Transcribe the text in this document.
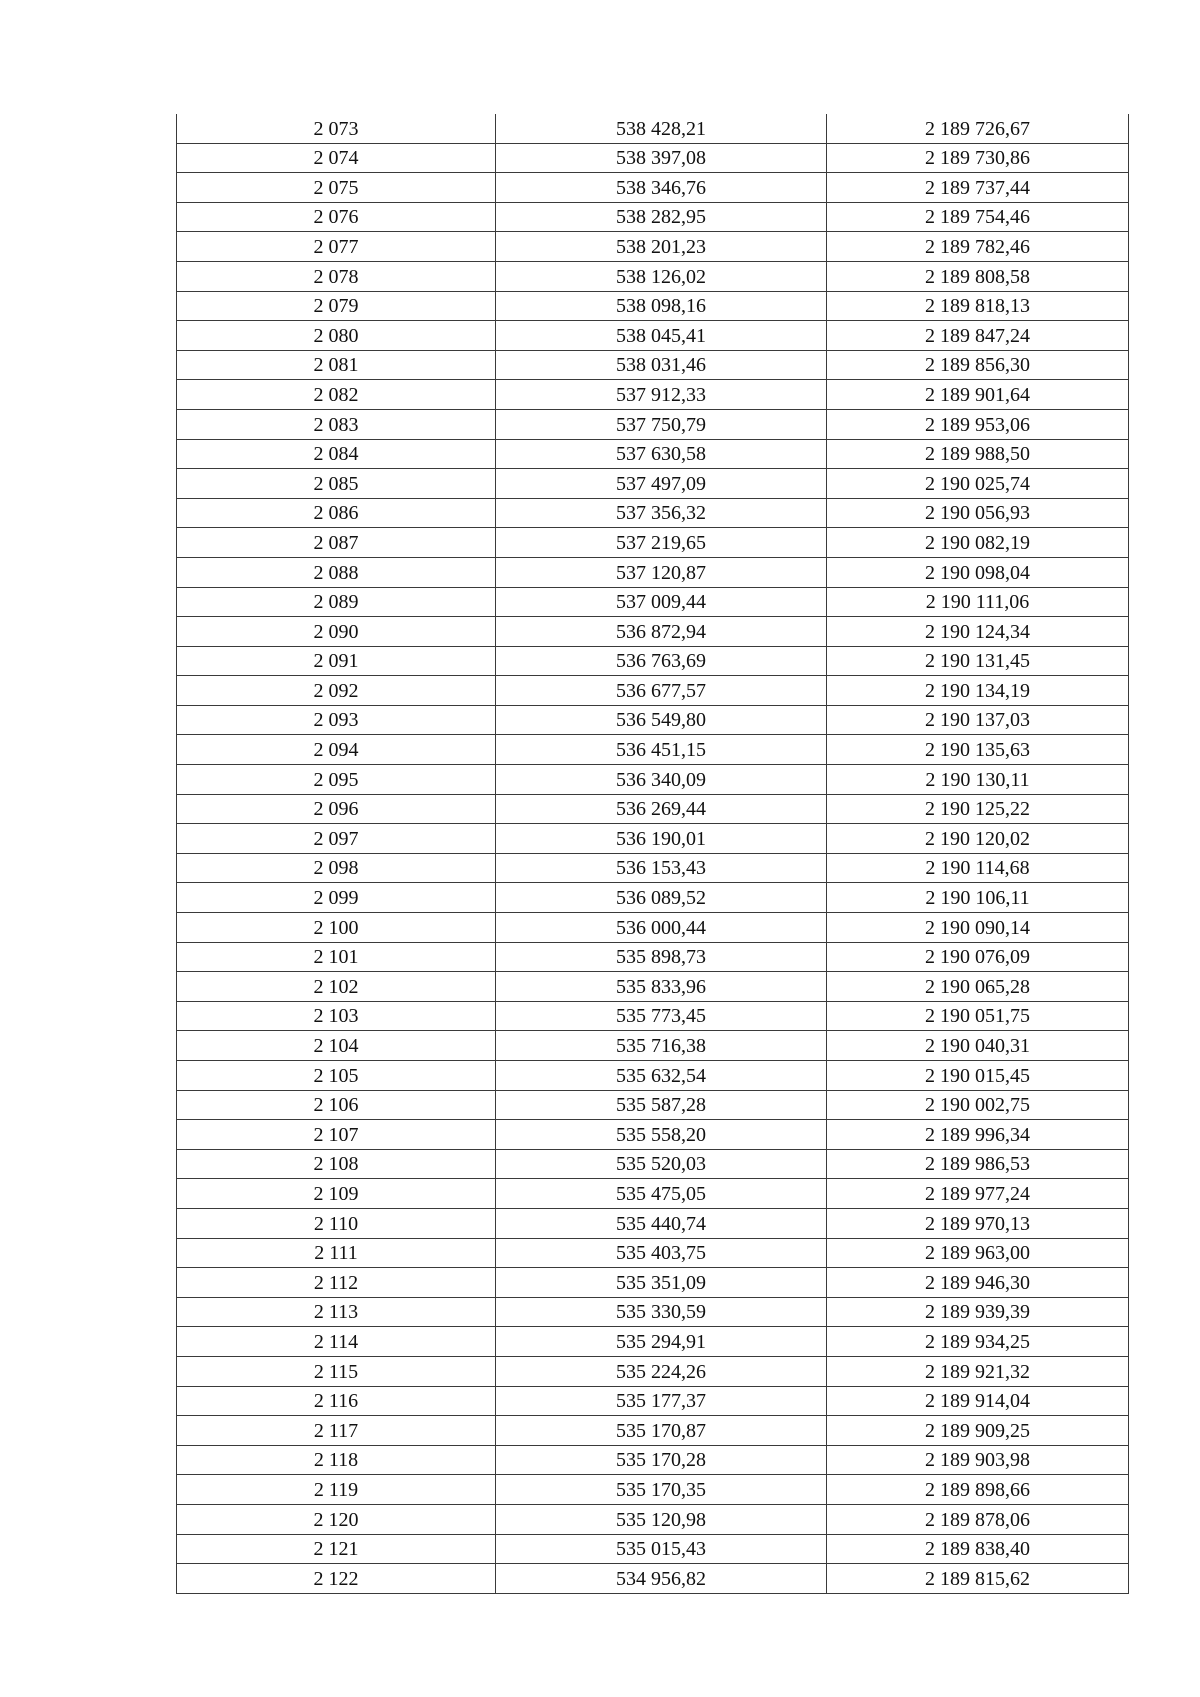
2 073	538 428,21	2 189 726,67
2 074	538 397,08	2 189 730,86
2 075	538 346,76	2 189 737,44
2 076	538 282,95	2 189 754,46
2 077	538 201,23	2 189 782,46
2 078	538 126,02	2 189 808,58
2 079	538 098,16	2 189 818,13
2 080	538 045,41	2 189 847,24
2 081	538 031,46	2 189 856,30
2 082	537 912,33	2 189 901,64
2 083	537 750,79	2 189 953,06
2 084	537 630,58	2 189 988,50
2 085	537 497,09	2 190 025,74
2 086	537 356,32	2 190 056,93
2 087	537 219,65	2 190 082,19
2 088	537 120,87	2 190 098,04
2 089	537 009,44	2 190 111,06
2 090	536 872,94	2 190 124,34
2 091	536 763,69	2 190 131,45
2 092	536 677,57	2 190 134,19
2 093	536 549,80	2 190 137,03
2 094	536 451,15	2 190 135,63
2 095	536 340,09	2 190 130,11
2 096	536 269,44	2 190 125,22
2 097	536 190,01	2 190 120,02
2 098	536 153,43	2 190 114,68
2 099	536 089,52	2 190 106,11
2 100	536 000,44	2 190 090,14
2 101	535 898,73	2 190 076,09
2 102	535 833,96	2 190 065,28
2 103	535 773,45	2 190 051,75
2 104	535 716,38	2 190 040,31
2 105	535 632,54	2 190 015,45
2 106	535 587,28	2 190 002,75
2 107	535 558,20	2 189 996,34
2 108	535 520,03	2 189 986,53
2 109	535 475,05	2 189 977,24
2 110	535 440,74	2 189 970,13
2 111	535 403,75	2 189 963,00
2 112	535 351,09	2 189 946,30
2 113	535 330,59	2 189 939,39
2 114	535 294,91	2 189 934,25
2 115	535 224,26	2 189 921,32
2 116	535 177,37	2 189 914,04
2 117	535 170,87	2 189 909,25
2 118	535 170,28	2 189 903,98
2 119	535 170,35	2 189 898,66
2 120	535 120,98	2 189 878,06
2 121	535 015,43	2 189 838,40
2 122	534 956,82	2 189 815,62
